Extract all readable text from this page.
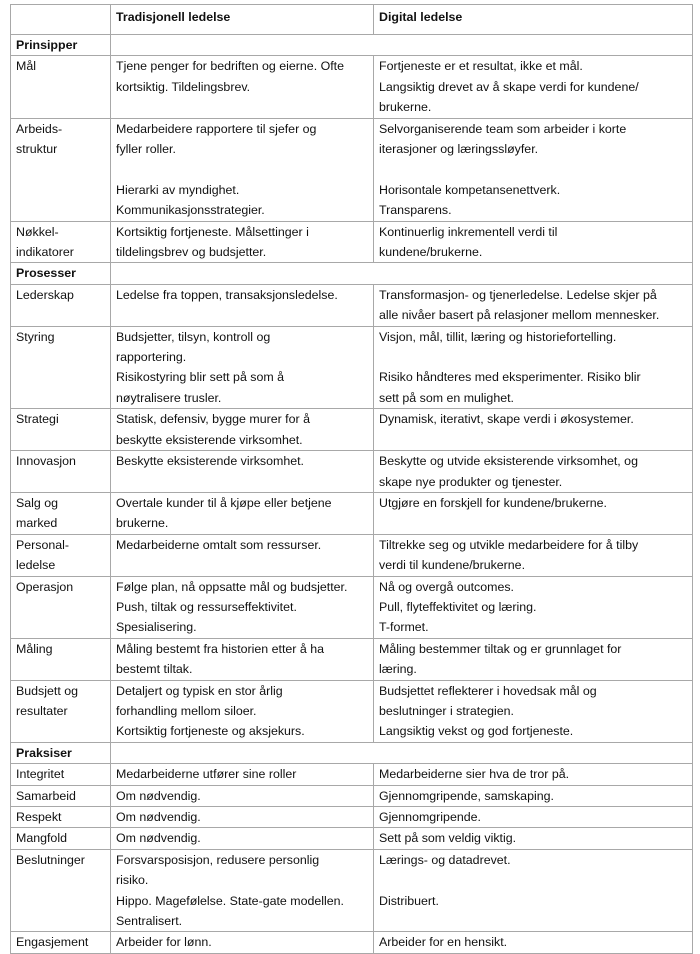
	Tradisjonell ledelse	Digital ledelse
Prinsipper		

Mål	Tjene penger for bedriften og eierne. Ofte
kortsiktig. Tildelingsbrev.	Fortjeneste er et resultat, ikke et mål.
Langsiktig drevet av å skape verdi for kundene/
brukerne.

Arbeids-
struktur	Medarbeidere rapportere til sjefer og
fyller roller.
Hierarki av myndighet.
Kommunikasjonsstrategier.	Selvorganiserende team som arbeider i korte
iterasjoner og læringssløyfer.
Horisontale kompetansenettverk.
Transparens.

Nøkkel-
indikatorer	Kortsiktig fortjeneste. Målsettinger i
tildelingsbrev og budsjetter.	Kontinuerlig inkrementell verdi til
kundene/brukerne.

Prosesser		

Lederskap	Ledelse fra toppen, transaksjonsledelse.	Transformasjon- og tjenerledelse. Ledelse skjer på
alle nivåer basert på relasjoner mellom mennesker.

Styring	Budsjetter, tilsyn, kontroll og
rapportering.
Risikostyring blir sett på som å
nøytralisere trusler.	Visjon, mål, tillit, læring og historiefortelling.
Risiko håndteres med eksperimenter. Risiko blir
sett på som en mulighet.

Strategi	Statisk, defensiv, bygge murer for å
beskytte eksisterende virksomhet.	Dynamisk, iterativt, skape verdi i økosystemer.

Innovasjon	Beskytte eksisterende virksomhet.	Beskytte og utvide eksisterende virksomhet, og
skape nye produkter og tjenester.

Salg og
marked	Overtale kunder til å kjøpe eller betjene
brukerne.	Utgjøre en forskjell for kundene/brukerne.

Personal-
ledelse	Medarbeiderne omtalt som ressurser.	Tiltrekke seg og utvikle medarbeidere for å tilby
verdi til kundene/brukerne.

Operasjon	Følge plan, nå oppsatte mål og budsjetter.
Push, tiltak og ressurseffektivitet.
Spesialisering.	Nå og overgå outcomes.
Pull, flyteffektivitet og læring.
T-formet.

Måling	Måling bestemt fra historien etter å ha
bestemt tiltak.	Måling bestemmer tiltak og er grunnlaget for
læring.

Budsjett og
resultater	Detaljert og typisk en stor årlig
forhandling mellom siloer.
Kortsiktig fortjeneste og aksjekurs.	Budsjettet reflekterer i hovedsak mål og
beslutninger i strategien.
Langsiktig vekst og god fortjeneste.

Praksiser		

Integritet	Medarbeiderne utfører sine roller	Medarbeiderne sier hva de tror på.

Samarbeid	Om nødvendig.	Gjennomgripende, samskaping.

Respekt	Om nødvendig.	Gjennomgripende.

Mangfold	Om nødvendig.	Sett på som veldig viktig.

Beslutninger	Forsvarsposisjon, redusere personlig
risiko.
Hippo. Magefølelse. State-gate modellen.
Sentralisert.	Lærings- og datadrevet.
Distribuert.

Engasjement	Arbeider for lønn.	Arbeider for en hensikt.
